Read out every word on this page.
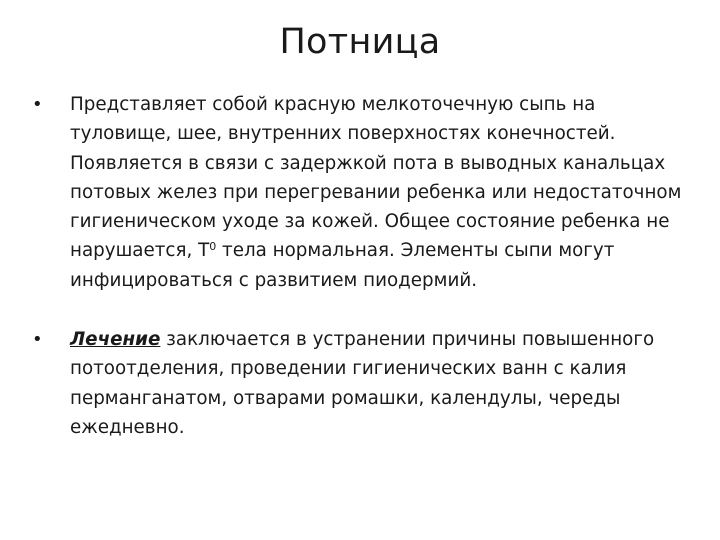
Потница
• Представляет собой красную мелкоточечную сыпь на туловище, шее, внутренних поверхностях конечностей. Появляется в связи с задержкой пота в выводных канальцах потовых желез при перегревании ребенка или недостаточном гигиеническом уходе за кожей. Общее состояние ребенка не нарушается, $Т^0$ тела нормальная. Элементы сыпи могут инфицироваться с развитием пиодермий.
• Лечение заключается в устранении причины повышенного потоотделения, проведении гигиенических ванн с калия перманганатом, отварами ромашки, календулы, череды ежедневно.
